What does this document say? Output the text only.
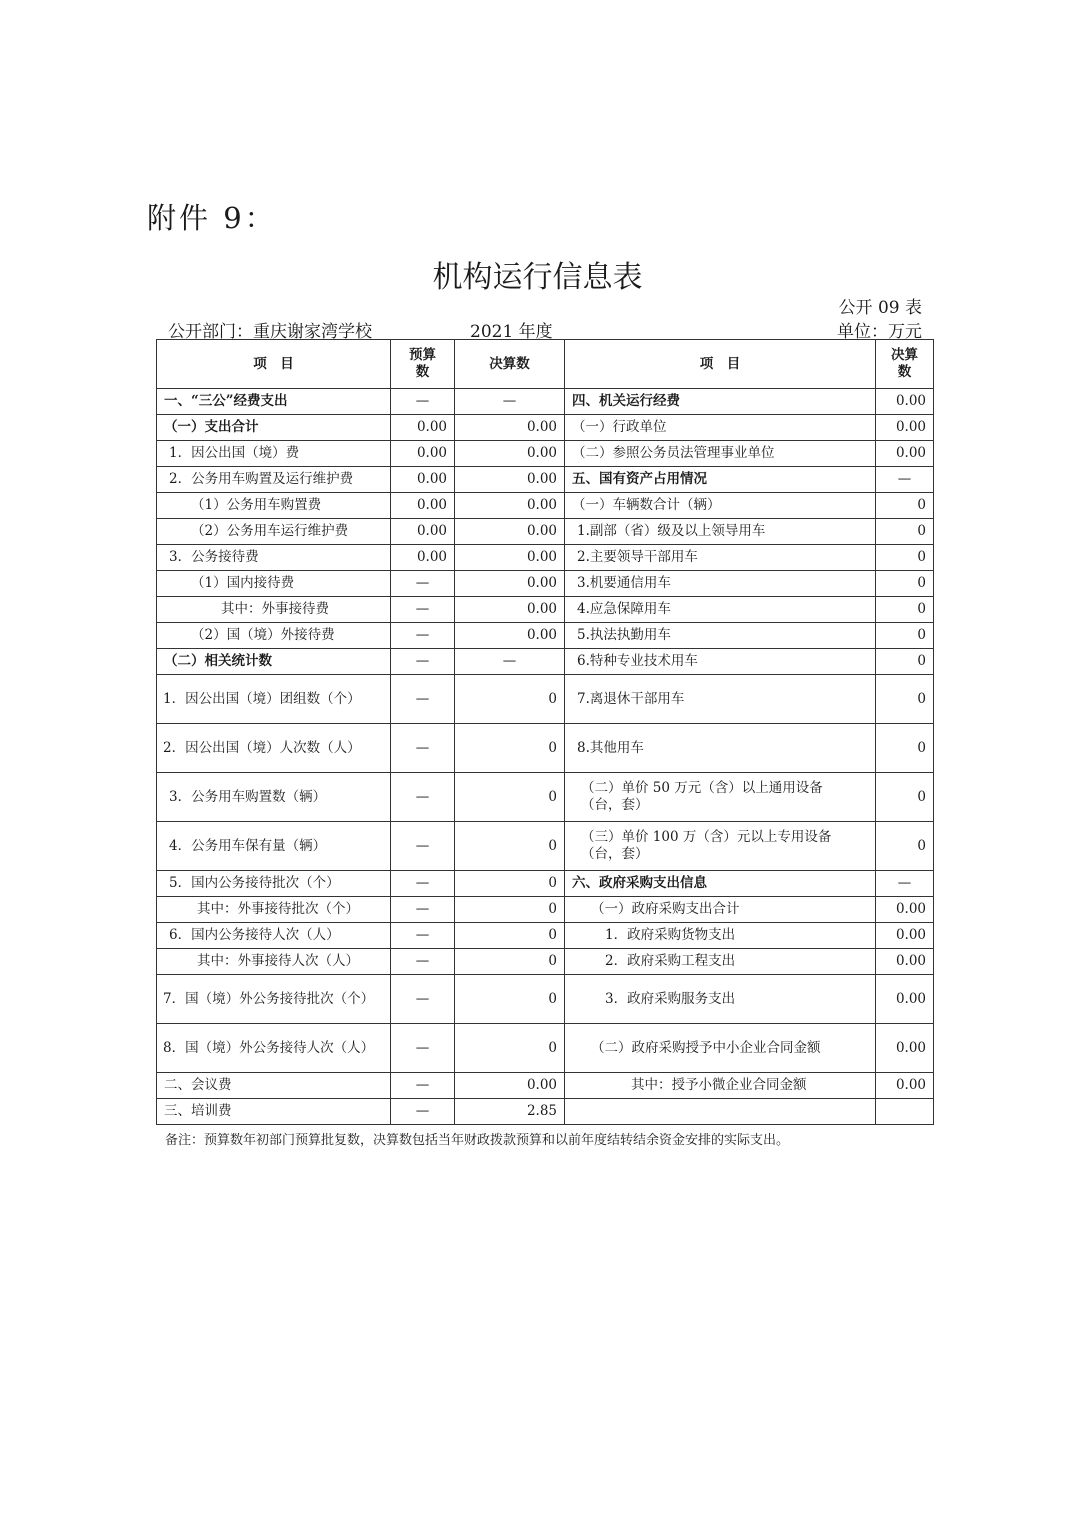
附件 9：
机构运行信息表
公开 09 表
公开部门：重庆谢家湾学校	2021 年度	单位：万元
项　目	预算数	决算数	项　目	决算数
一、“三公”经费支出	—	—	四、机关运行经费	0.00
（一）支出合计	0.00	0.00	（一）行政单位	0.00
1．因公出国（境）费	0.00	0.00	（二）参照公务员法管理事业单位	0.00
2．公务用车购置及运行维护费	0.00	0.00	五、国有资产占用情况	—
（1）公务用车购置费	0.00	0.00	（一）车辆数合计（辆）	0
（2）公务用车运行维护费	0.00	0.00	1.副部（省）级及以上领导用车	0
3．公务接待费	0.00	0.00	2.主要领导干部用车	0
（1）国内接待费	—	0.00	3.机要通信用车	0
其中：外事接待费	—	0.00	4.应急保障用车	0
（2）国（境）外接待费	—	0.00	5.执法执勤用车	0
（二）相关统计数	—	—	6.特种专业技术用车	0
1．因公出国（境）团组数（个）	—	0	7.离退休干部用车	0
2．因公出国（境）人次数（人）	—	0	8.其他用车	0
3．公务用车购置数（辆）	—	0	（二）单价 50 万元（含）以上通用设备（台，套）	0
4．公务用车保有量（辆）	—	0	（三）单价 100 万（含）元以上专用设备（台，套）	0
5．国内公务接待批次（个）	—	0	六、政府采购支出信息	—
其中：外事接待批次（个）	—	0	（一）政府采购支出合计	0.00
6．国内公务接待人次（人）	—	0	1．政府采购货物支出	0.00
其中：外事接待人次（人）	—	0	2．政府采购工程支出	0.00
7．国（境）外公务接待批次（个）	—	0	3．政府采购服务支出	0.00
8．国（境）外公务接待人次（人）	—	0	（二）政府采购授予中小企业合同金额	0.00
二、会议费	—	0.00	其中：授予小微企业合同金额	0.00
三、培训费	—	2.85		
备注：预算数年初部门预算批复数，决算数包括当年财政拨款预算和以前年度结转结余资金安排的实际支出。
